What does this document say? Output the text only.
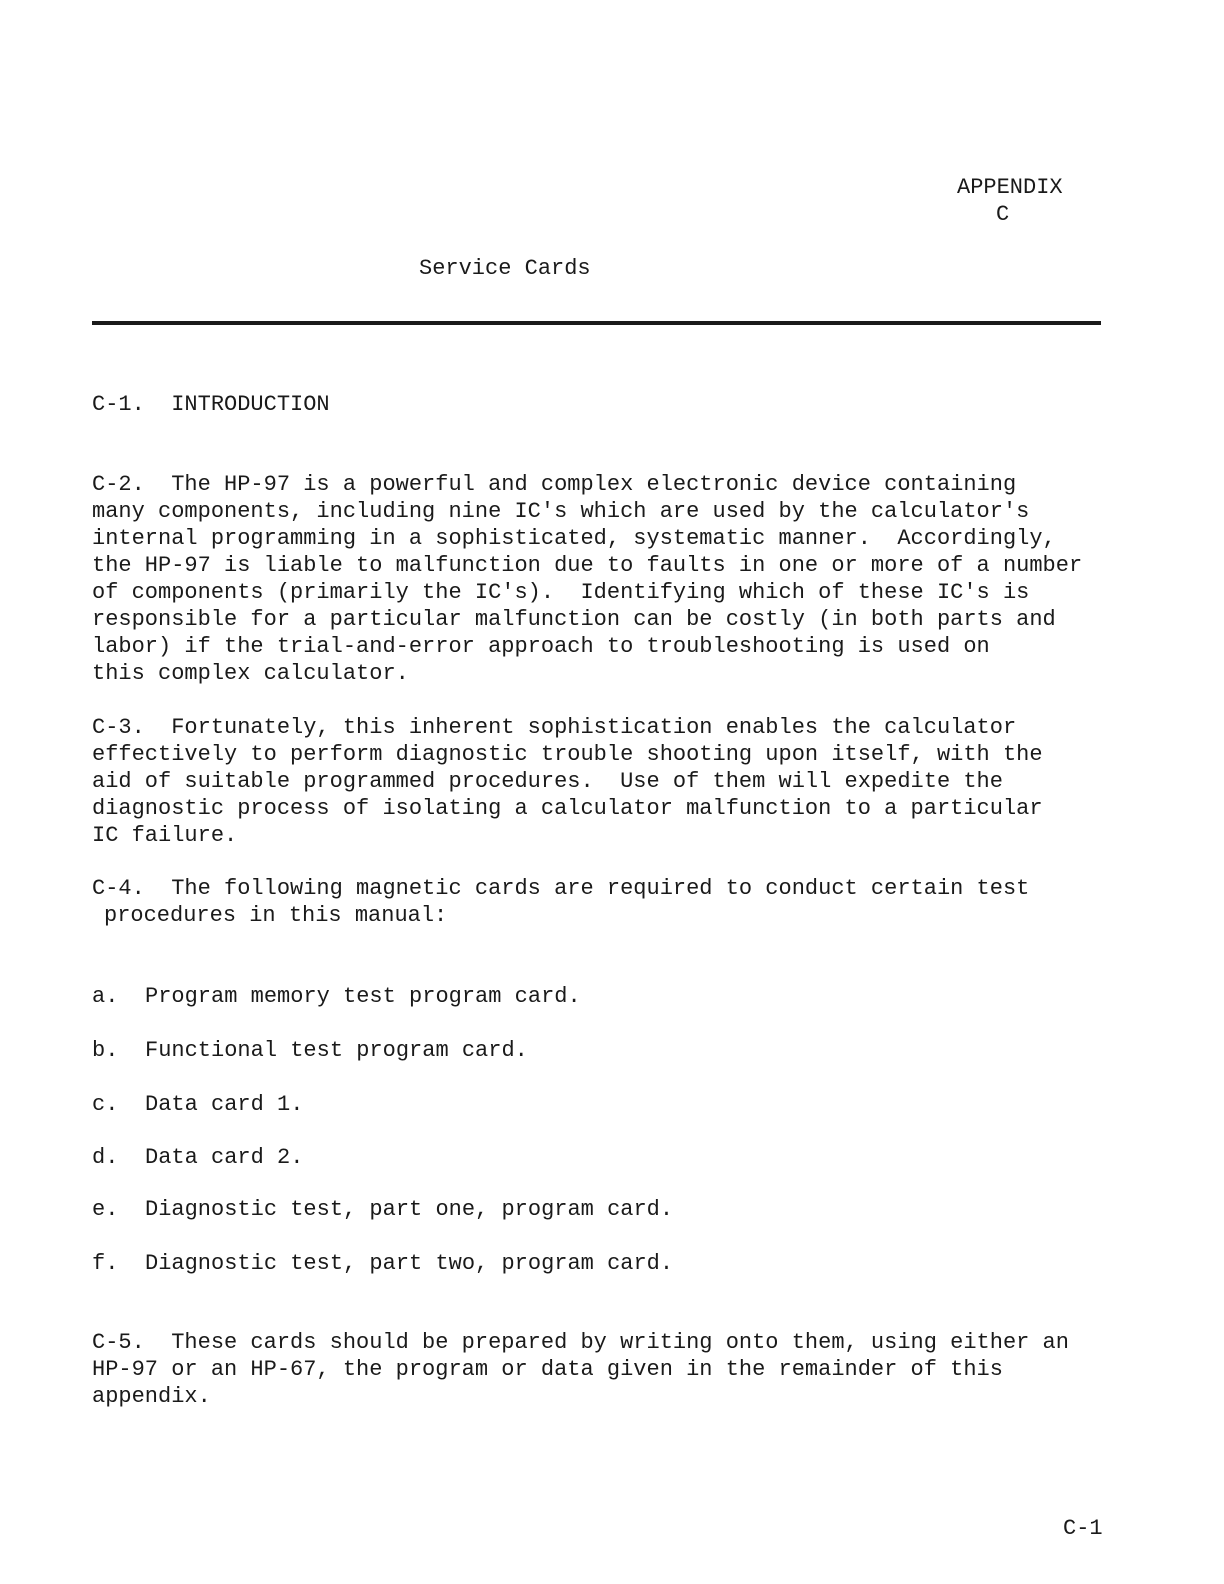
APPENDIX
C
Service Cards
C-1.  INTRODUCTION
C-2.  The HP-97 is a powerful and complex electronic device containing
many components, including nine IC's which are used by the calculator's
internal programming in a sophisticated, systematic manner.  Accordingly,
the HP-97 is liable to malfunction due to faults in one or more of a number
of components (primarily the IC's).  Identifying which of these IC's is
responsible for a particular malfunction can be costly (in both parts and
labor) if the trial-and-error approach to troubleshooting is used on
this complex calculator.
C-3.  Fortunately, this inherent sophistication enables the calculator
effectively to perform diagnostic trouble shooting upon itself, with the
aid of suitable programmed procedures.  Use of them will expedite the
diagnostic process of isolating a calculator malfunction to a particular
IC failure.
C-4.  The following magnetic cards are required to conduct certain test
procedures in this manual:
a. Program memory test program card.
b. Functional test program card.
c. Data card 1.
d. Data card 2.
e. Diagnostic test, part one, program card.
f. Diagnostic test, part two, program card.
C-5.  These cards should be prepared by writing onto them, using either an
HP-97 or an HP-67, the program or data given in the remainder of this
appendix.
C-1
